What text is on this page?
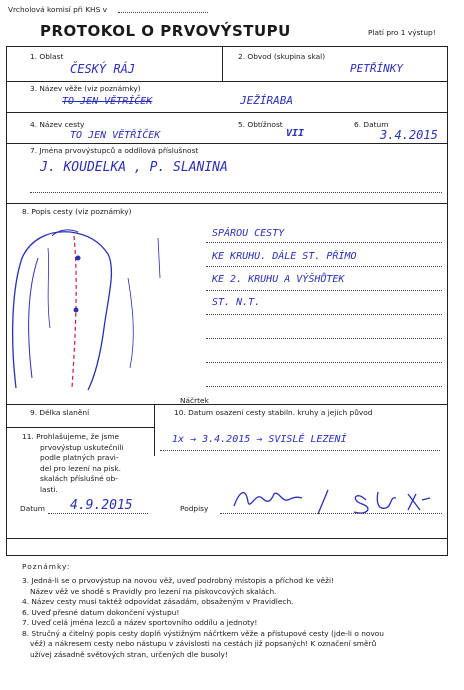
Vrcholová komisí při KHS v
PROTOKOL O PRVOVÝSTUPU	Platí pro 1 výstup!
1. Oblast
ČESKÝ RÁJ
2. Obvod (skupina skal)
PETŘÍNKY
3. Název věže (viz poznámky)
TO JEN VĚTRÍČEK	JEŽÍRABA
4. Název cesty
TO JEN VĚTŘÍČEK
5. Obtížnost
VII
6. Datum
3.4.2015
7. Jména prvovýstupců a oddílová příslušnost
J. KOUDELKA , P. SLANINA
8. Popis cesty (viz poznámky)
SPÁROU CESTY
KE KRUHU. DÁLE ST. PŘÍMO
KE 2. KRUHU A VÝŠHŮTEK
ST. N.T.
Náčrtek
9. Délka slanění	10. Datum osazení cesty stabiln. kruhy a jejich původ
1x → 3.4.2015 → SVISLÉ LEZENÍ
11. Prohlašujeme, že jsme
prvovýstup uskutečnili
podle platných pravi-
del pro lezení na pisk.
skalách příslušné ob-
lasti.
Datum 4.9.2015	Podpisy
Poznámky:
3. Jedná-li se o prvovýstup na novou věž, uveď podrobný místopis a příchod ke věži!
Název věž ve shodě s Pravidly pro lezení na pískovcových skalách.
4. Název cesty musí taktéž odpovídat zásadám, obsaženým v Pravidlech.
6. Uveď přesné datum dokončení výstupu!
7. Uveď celá jména lezců a název sportovního oddílu a jednoty!
8. Stručný a čitelný popis cesty doplň výstižným náčrtkem věže a přístupové cesty (jde-li o novou
věž) a nákresem cesty nebo nástupu v závislosti na cestách již popsaných! K označení směrů
užívej zásadně světových stran, určených dle busoly!
